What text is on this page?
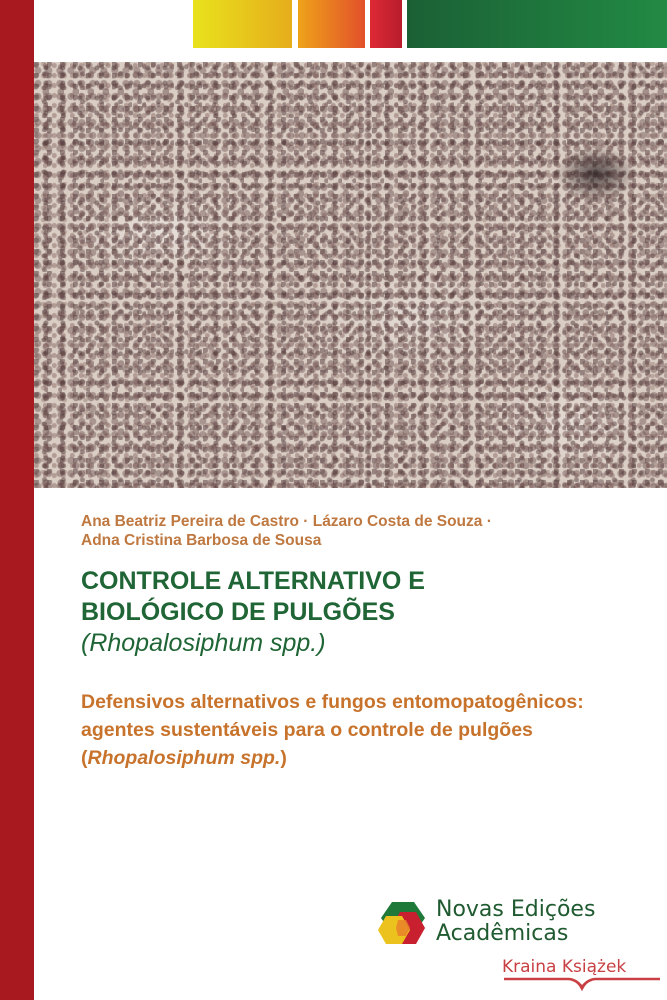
Ana Beatriz Pereira de Castro · Lázaro Costa de Souza ·
Adna Cristina Barbosa de Sousa
CONTROLE ALTERNATIVO E
BIOLÓGICO DE PULGÕES
(Rhopalosiphum spp.)
Defensivos alternativos e fungos entomopatogênicos: agentes sustentáveis para o controle de pulgões (Rhopalosiphum spp.)
Novas Edições
Acadêmicas
Kraina Książek
